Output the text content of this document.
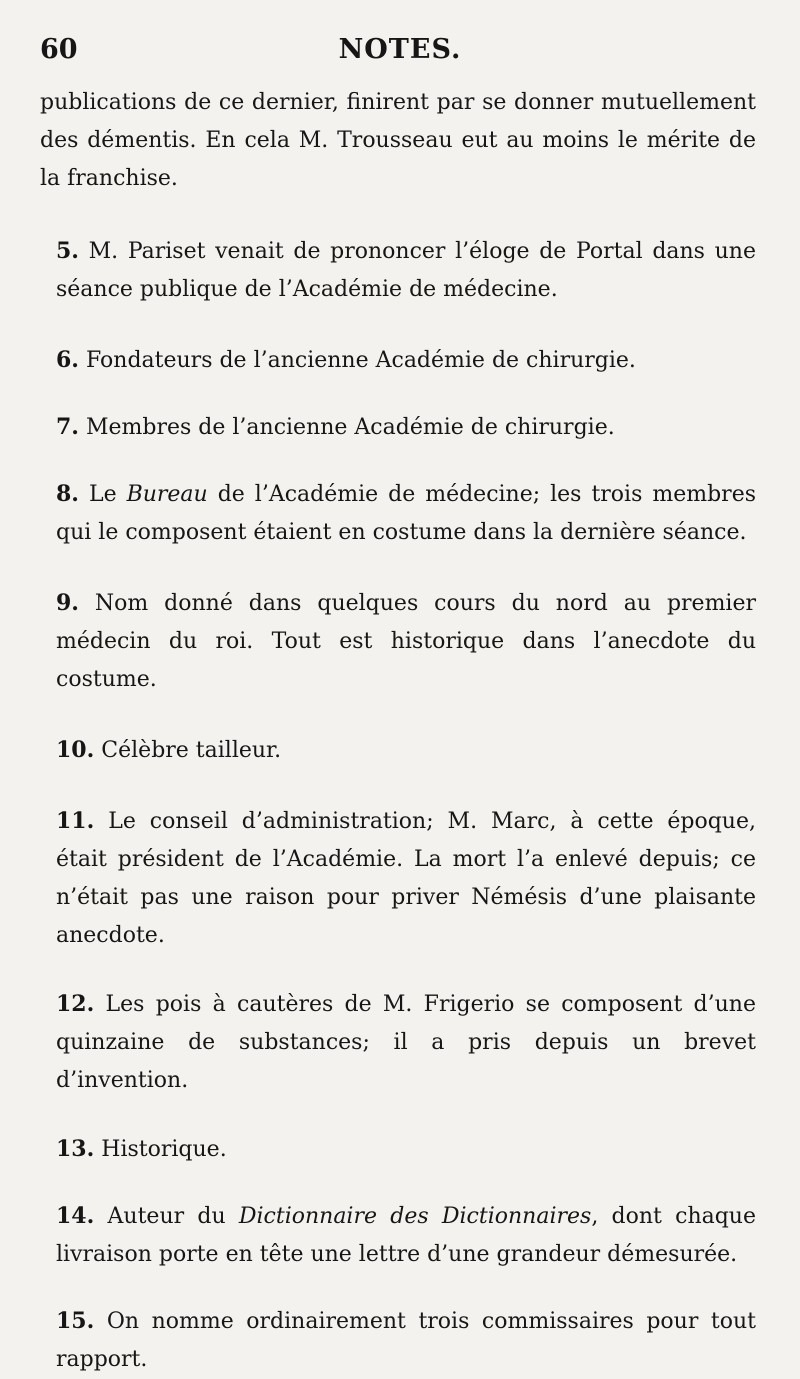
60	NOTES.

publications de ce dernier, finirent par se donner mutuellement des démentis. En cela M. Trousseau eut au moins le mérite de la franchise.

5. M. Pariset venait de prononcer l’éloge de Portal dans une séance publique de l’Académie de médecine.

6. Fondateurs de l’ancienne Académie de chirurgie.

7. Membres de l’ancienne Académie de chirurgie.

8. Le Bureau de l’Académie de médecine; les trois membres qui le composent étaient en costume dans la dernière séance.

9. Nom donné dans quelques cours du nord au premier médecin du roi. Tout est historique dans l’anecdote du costume.

10. Célèbre tailleur.

11. Le conseil d’administration; M. Marc, à cette époque, était président de l’Académie. La mort l’a enlevé depuis; ce n’était pas une raison pour priver Némésis d’une plaisante anecdote.

12. Les pois à cautères de M. Frigerio se composent d’une quinzaine de substances; il a pris depuis un brevet d’invention.

13. Historique.

14. Auteur du Dictionnaire des Dictionnaires, dont chaque livraison porte en tête une lettre d’une grandeur démesurée.

15. On nomme ordinairement trois commissaires pour tout rapport.
